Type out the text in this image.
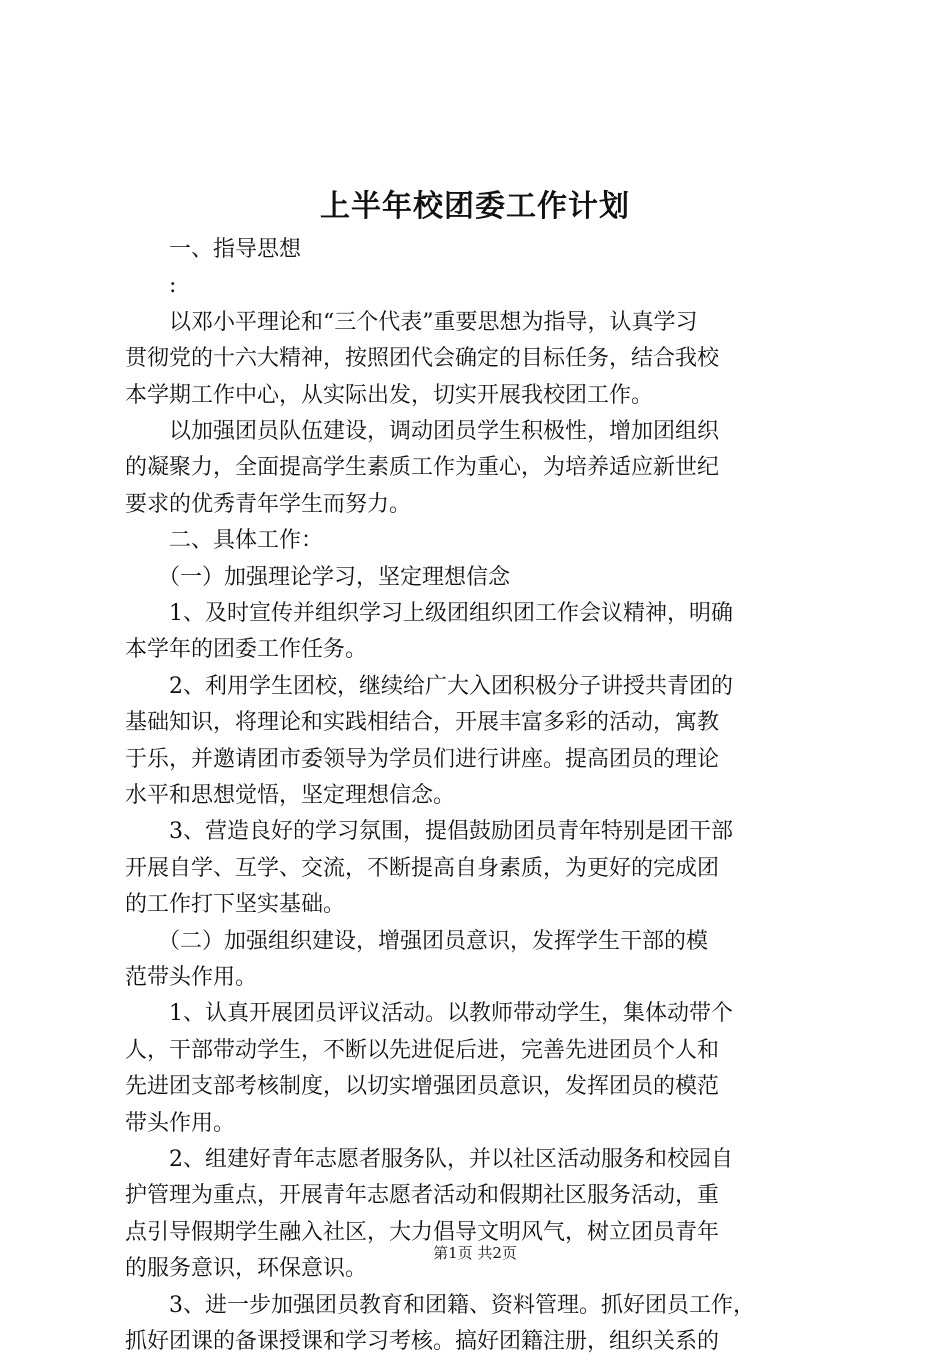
上半年校团委工作计划

　　一、指导思想

　　:

　　以邓小平理论和“三个代表”重要思想为指导，认真学习

贯彻党的十六大精神，按照团代会确定的目标任务，结合我校

本学期工作中心，从实际出发，切实开展我校团工作。

　　以加强团员队伍建设，调动团员学生积极性，增加团组织

的凝聚力，全面提高学生素质工作为重心，为培养适应新世纪

要求的优秀青年学生而努力。

　　二、具体工作：

　　（一）加强理论学习，坚定理想信念

　　1、及时宣传并组织学习上级团组织团工作会议精神，明确

本学年的团委工作任务。

　　2、利用学生团校，继续给广大入团积极分子讲授共青团的

基础知识，将理论和实践相结合，开展丰富多彩的活动，寓教

于乐，并邀请团市委领导为学员们进行讲座。提高团员的理论

水平和思想觉悟，坚定理想信念。

　　3、营造良好的学习氛围，提倡鼓励团员青年特别是团干部

开展自学、互学、交流，不断提高自身素质，为更好的完成团

的工作打下坚实基础。

　　（二）加强组织建设，增强团员意识，发挥学生干部的模

范带头作用。

　　1、认真开展团员评议活动。以教师带动学生，集体动带个

人，干部带动学生，不断以先进促后进，完善先进团员个人和

先进团支部考核制度，以切实增强团员意识，发挥团员的模范

带头作用。

　　2、组建好青年志愿者服务队，并以社区活动服务和校园自

护管理为重点，开展青年志愿者活动和假期社区服务活动，重

点引导假期学生融入社区，大力倡导文明风气，树立团员青年

的服务意识，环保意识。

　　3、进一步加强团员教育和团籍、资料管理。抓好团员工作，

抓好团课的备课授课和学习考核。搞好团籍注册，组织关系的

第1页 共2页
